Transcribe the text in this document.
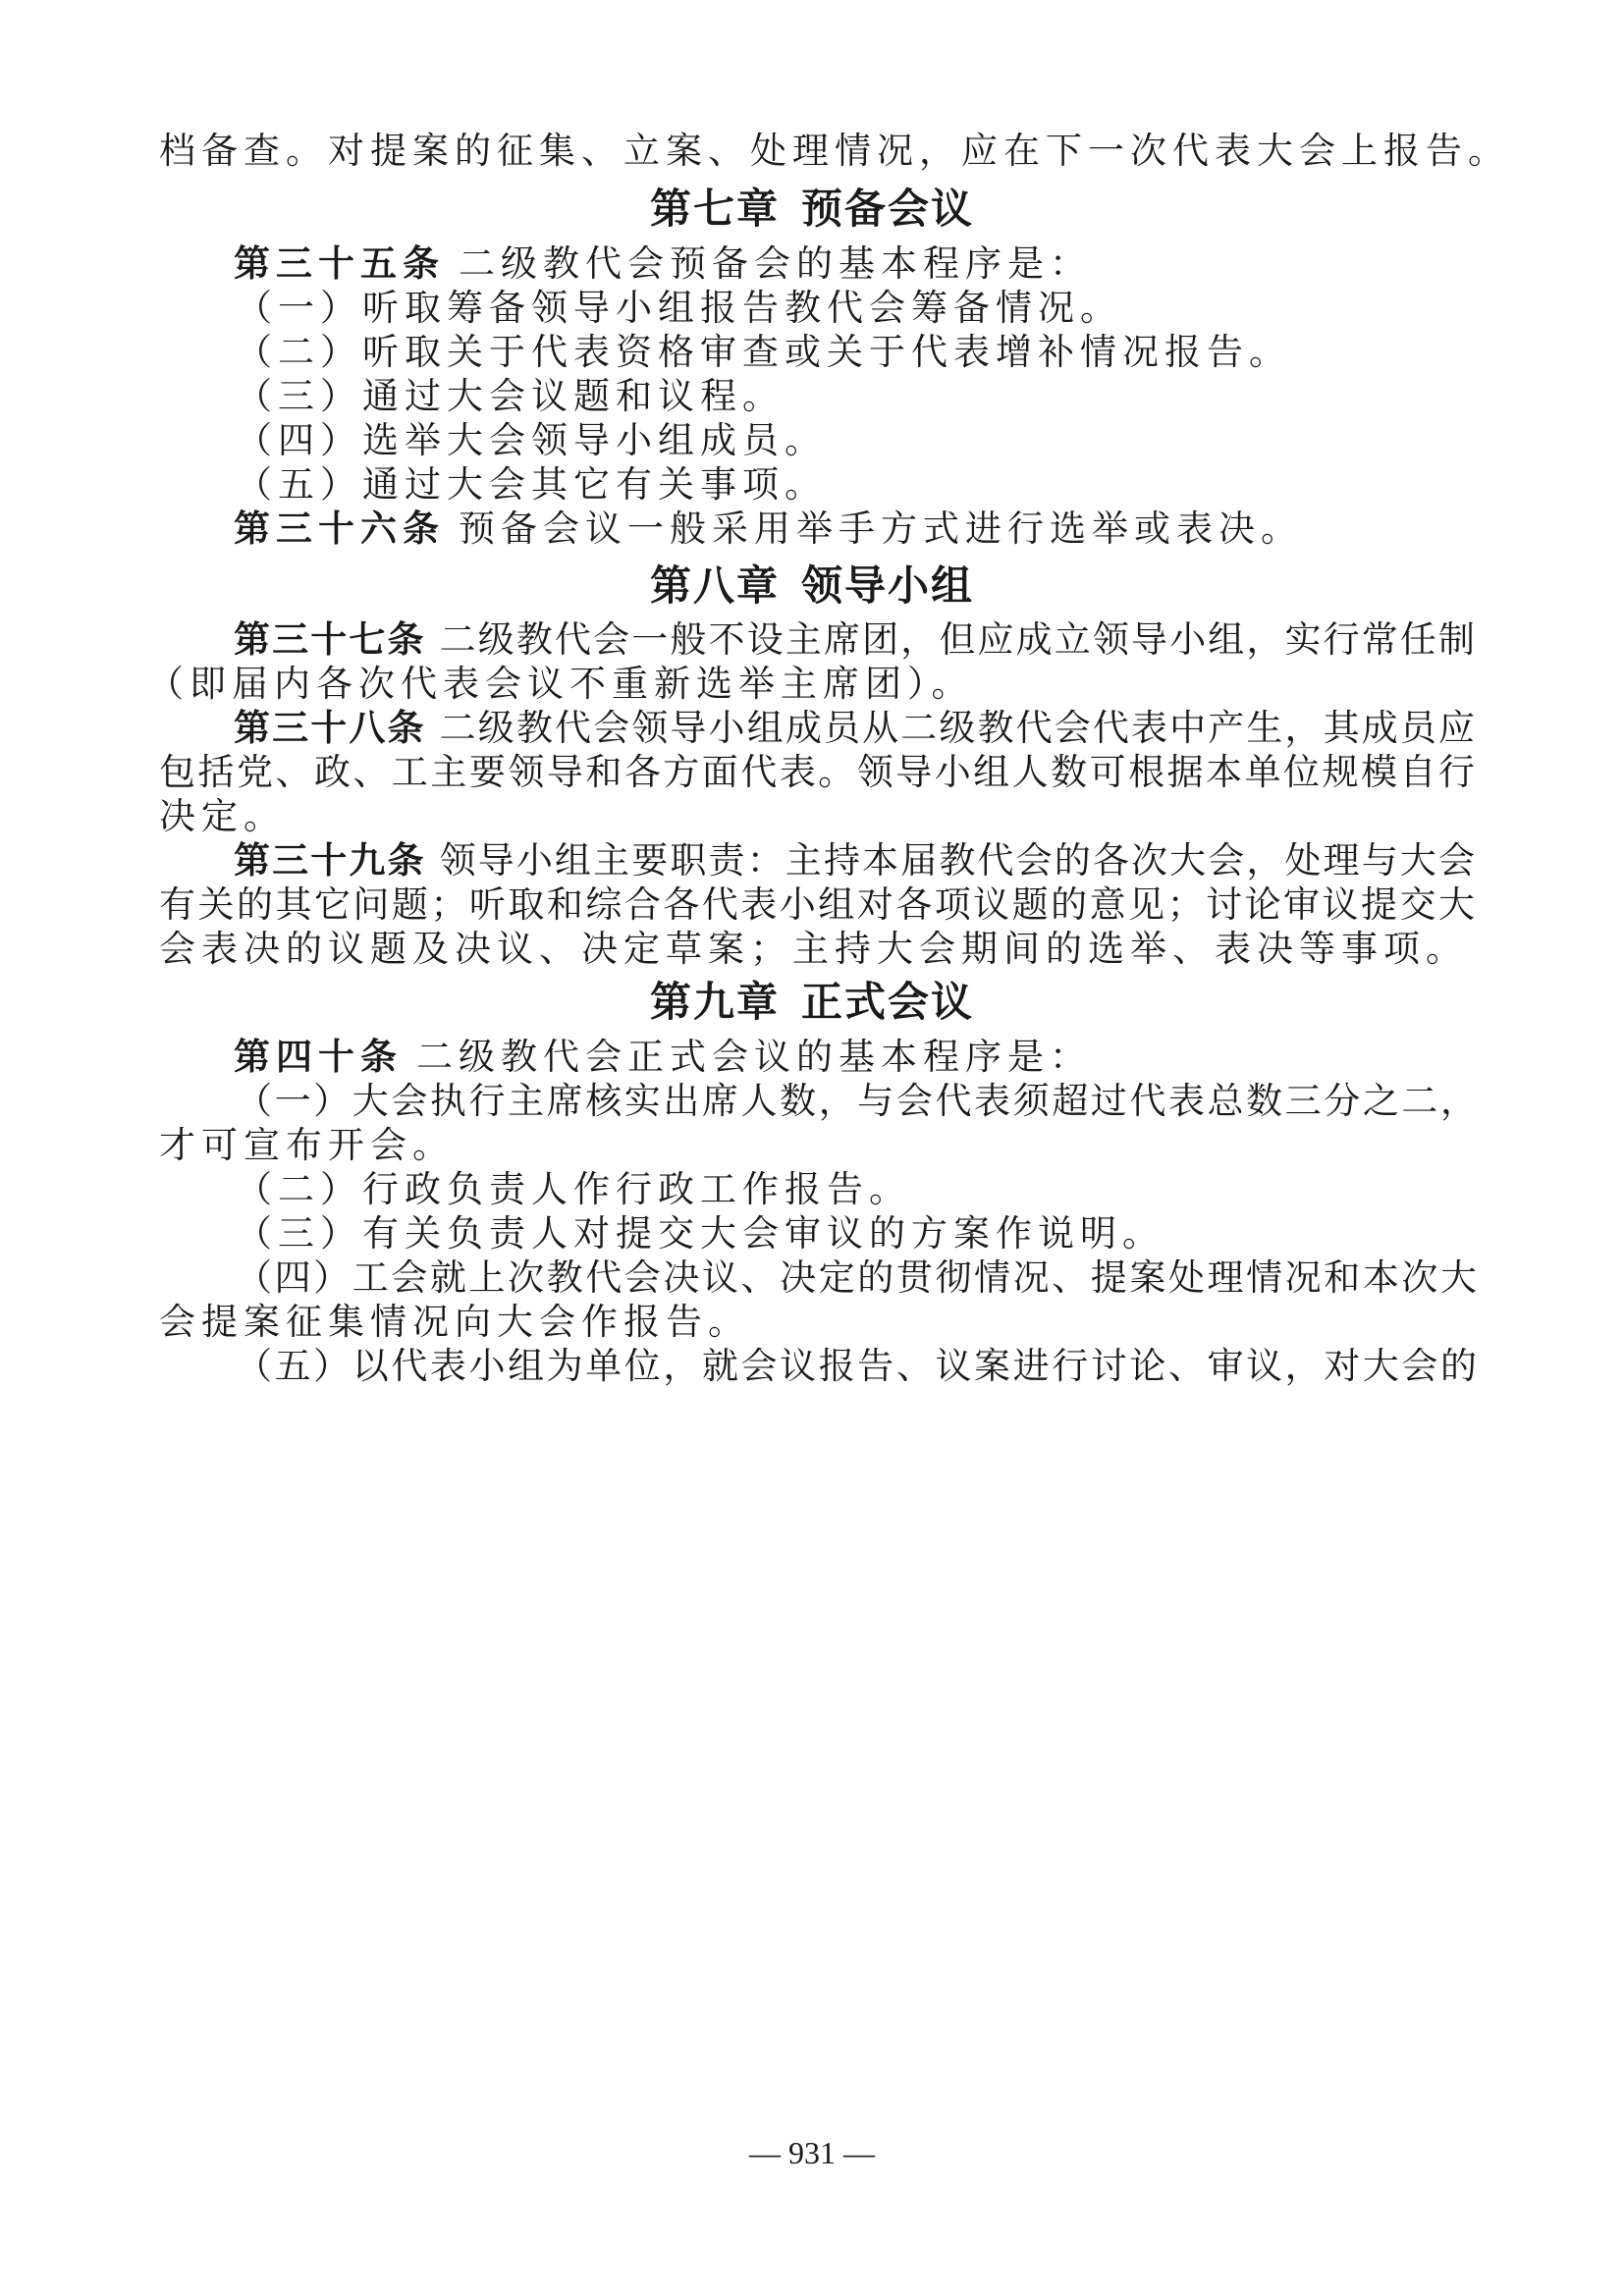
档备查。对提案的征集、立案、处理情况，应在下一次代表大会上报告。
第七章 预备会议
第三十五条 二级教代会预备会的基本程序是：
（一）听取筹备领导小组报告教代会筹备情况。
（二）听取关于代表资格审查或关于代表增补情况报告。
（三）通过大会议题和议程。
（四）选举大会领导小组成员。
（五）通过大会其它有关事项。
第三十六条 预备会议一般采用举手方式进行选举或表决。
第八章 领导小组
第三十七条 二级教代会一般不设主席团，但应成立领导小组，实行常任制
（即届内各次代表会议不重新选举主席团）。
第三十八条 二级教代会领导小组成员从二级教代会代表中产生，其成员应
包括党、政、工主要领导和各方面代表。领导小组人数可根据本单位规模自行
决定。
第三十九条 领导小组主要职责：主持本届教代会的各次大会，处理与大会
有关的其它问题；听取和综合各代表小组对各项议题的意见；讨论审议提交大
会表决的议题及决议、决定草案；主持大会期间的选举、表决等事项。
第九章 正式会议
第四十条 二级教代会正式会议的基本程序是：
（一）大会执行主席核实出席人数，与会代表须超过代表总数三分之二，
才可宣布开会。
（二）行政负责人作行政工作报告。
（三）有关负责人对提交大会审议的方案作说明。
（四）工会就上次教代会决议、决定的贯彻情况、提案处理情况和本次大
会提案征集情况向大会作报告。
（五）以代表小组为单位，就会议报告、议案进行讨论、审议，对大会的
— 931 —
